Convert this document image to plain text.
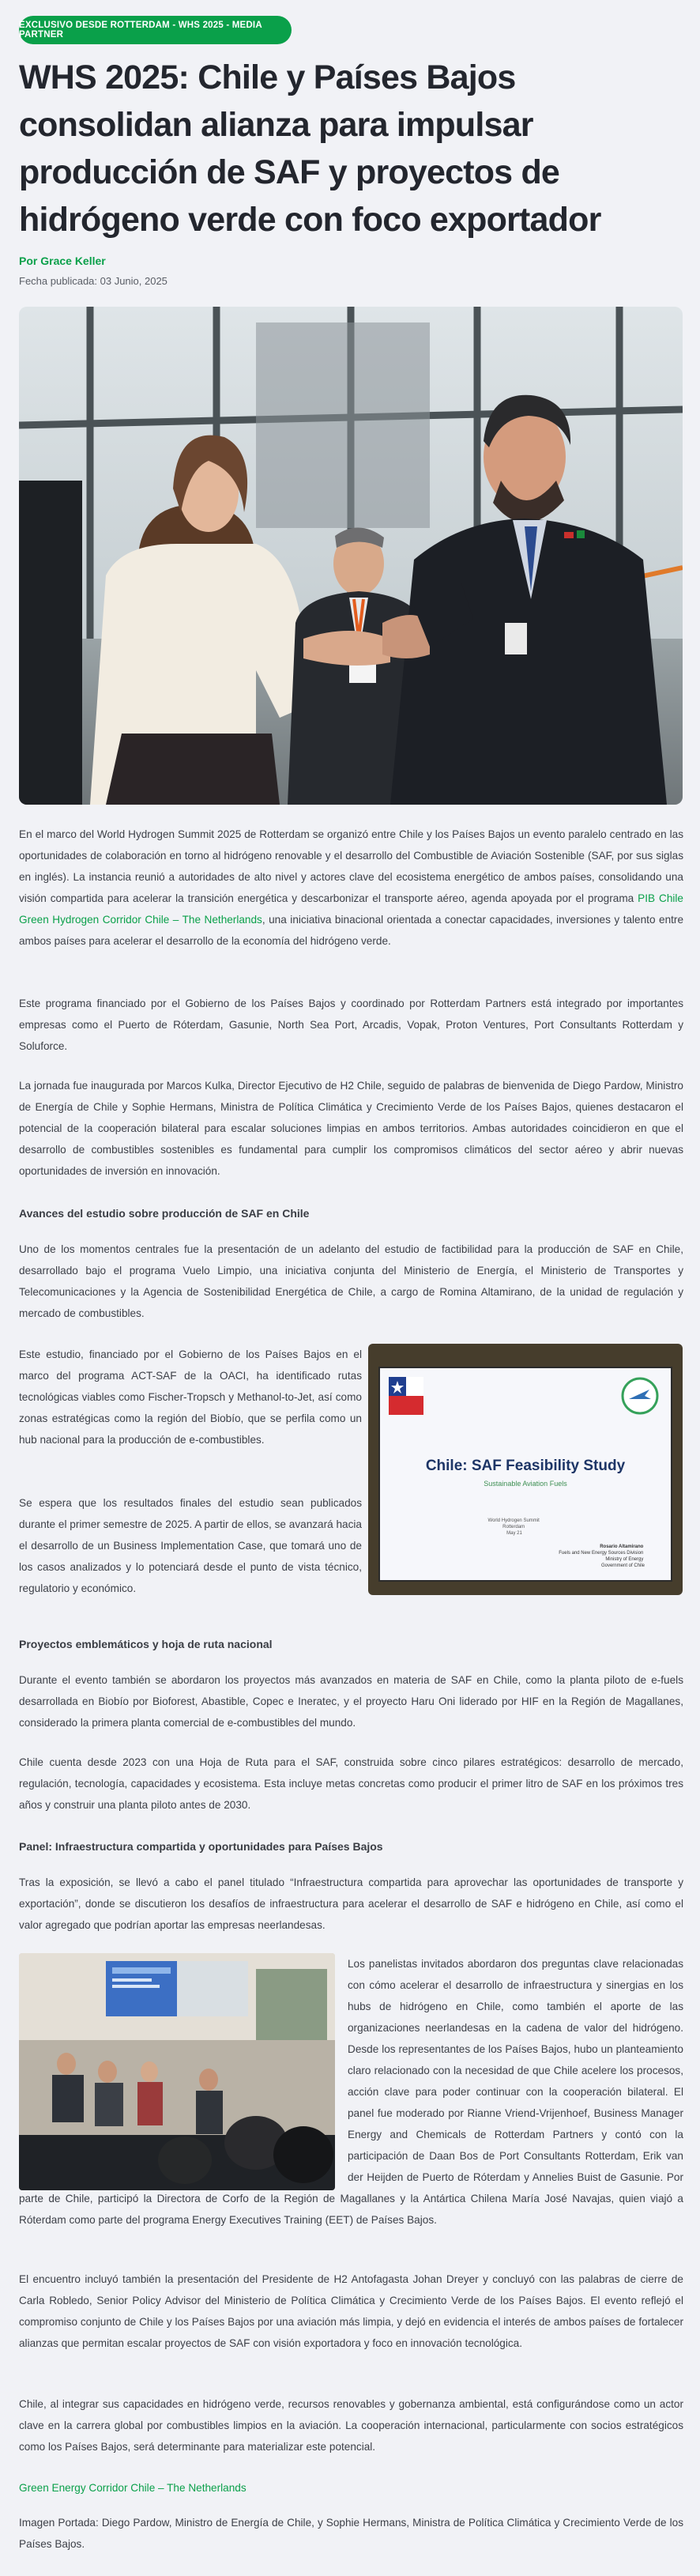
EXCLUSIVO DESDE ROTTERDAM - WHS 2025 - MEDIA PARTNER
WHS 2025: Chile y Países Bajos consolidan alianza para impulsar producción de SAF y proyectos de hidrógeno verde con foco exportador
Por Grace Keller
Fecha publicada: 03 Junio, 2025

En el marco del World Hydrogen Summit 2025 de Rotterdam se organizó entre Chile y los Países Bajos un evento paralelo centrado en las oportunidades de colaboración en torno al hidrógeno renovable y el desarrollo del Combustible de Aviación Sostenible (SAF, por sus siglas en inglés). La instancia reunió a autoridades de alto nivel y actores clave del ecosistema energético de ambos países, consolidando una visión compartida para acelerar la transición energética y descarbonizar el transporte aéreo, agenda apoyada por el programa PIB Chile Green Hydrogen Corridor Chile – The Netherlands, una iniciativa binacional orientada a conectar capacidades, inversiones y talento entre ambos países para acelerar el desarrollo de la economía del hidrógeno verde.

Este programa financiado por el Gobierno de los Países Bajos y coordinado por Rotterdam Partners está integrado por importantes empresas como el Puerto de Róterdam, Gasunie, North Sea Port, Arcadis, Vopak, Proton Ventures, Port Consultants Rotterdam y Soluforce.

La jornada fue inaugurada por Marcos Kulka, Director Ejecutivo de H2 Chile, seguido de palabras de bienvenida de Diego Pardow, Ministro de Energía de Chile y Sophie Hermans, Ministra de Política Climática y Crecimiento Verde de los Países Bajos, quienes destacaron el potencial de la cooperación bilateral para escalar soluciones limpias en ambos territorios. Ambas autoridades coincidieron en que el desarrollo de combustibles sostenibles es fundamental para cumplir los compromisos climáticos del sector aéreo y abrir nuevas oportunidades de inversión en innovación.

Avances del estudio sobre producción de SAF en Chile

Uno de los momentos centrales fue la presentación de un adelanto del estudio de factibilidad para la producción de SAF en Chile, desarrollado bajo el programa Vuelo Limpio, una iniciativa conjunta del Ministerio de Energía, el Ministerio de Transportes y Telecomunicaciones y la Agencia de Sostenibilidad Energética de Chile, a cargo de Romina Altamirano, de la unidad de regulación y mercado de combustibles.

Este estudio, financiado por el Gobierno de los Países Bajos en el marco del programa ACT-SAF de la OACI, ha identificado rutas tecnológicas viables como Fischer-Tropsch y Methanol-to-Jet, así como zonas estratégicas como la región del Biobío, que se perfila como un hub nacional para la producción de e-combustibles.

Se espera que los resultados finales del estudio sean publicados durante el primer semestre de 2025. A partir de ellos, se avanzará hacia el desarrollo de un Business Implementation Case, que tomará uno de los casos analizados y lo potenciará desde el punto de vista técnico, regulatorio y económico.

Chile: SAF Feasibility Study
Sustainable Aviation Fuels
World Hydrogen Summit Rotterdam May 21
Rosario Altamirano Fuels and New Energy Sources Division Ministry of Energy Government of Chile
Proyectos emblemáticos y hoja de ruta nacional

Durante el evento también se abordaron los proyectos más avanzados en materia de SAF en Chile, como la planta piloto de e-fuels desarrollada en Biobío por Bioforest, Abastible, Copec e Ineratec, y el proyecto Haru Oni liderado por HIF en la Región de Magallanes, considerado la primera planta comercial de e-combustibles del mundo.

Chile cuenta desde 2023 con una Hoja de Ruta para el SAF, construida sobre cinco pilares estratégicos: desarrollo de mercado, regulación, tecnología, capacidades y ecosistema. Esta incluye metas concretas como producir el primer litro de SAF en los próximos tres años y construir una planta piloto antes de 2030.

Panel: Infraestructura compartida y oportunidades para Países Bajos

Tras la exposición, se llevó a cabo el panel titulado “Infraestructura compartida para aprovechar las oportunidades de transporte y exportación”, donde se discutieron los desafíos de infraestructura para acelerar el desarrollo de SAF e hidrógeno en Chile, así como el valor agregado que podrían aportar las empresas neerlandesas.

Los panelistas invitados abordaron dos preguntas clave relacionadas con cómo acelerar el desarrollo de infraestructura y sinergias en los hubs de hidrógeno en Chile, como también el aporte de las organizaciones neerlandesas en la cadena de valor del hidrógeno. Desde los representantes de los Países Bajos, hubo un planteamiento claro relacionado con la necesidad de que Chile acelere los procesos, acción clave para poder continuar con la cooperación bilateral. El panel fue moderado por Rianne Vriend-Vrijenhoef, Business Manager Energy and Chemicals de Rotterdam Partners y contó con la participación de Daan Bos de Port Consultants Rotterdam, Erik van der Heijden de Puerto de Róterdam y Annelies Buist de Gasunie. Por parte de Chile, participó la Directora de Corfo de la Región de Magallanes y la Antártica Chilena María José Navajas, quien viajó a Róterdam como parte del programa Energy Executives Training (EET) de Países Bajos.

El encuentro incluyó también la presentación del Presidente de H2 Antofagasta Johan Dreyer y concluyó con las palabras de cierre de Carla Robledo, Senior Policy Advisor del Ministerio de Política Climática y Crecimiento Verde de los Países Bajos. El evento reflejó el compromiso conjunto de Chile y los Países Bajos por una aviación más limpia, y dejó en evidencia el interés de ambos países de fortalecer alianzas que permitan escalar proyectos de SAF con visión exportadora y foco en innovación tecnológica.

Chile, al integrar sus capacidades en hidrógeno verde, recursos renovables y gobernanza ambiental, está configurándose como un actor clave en la carrera global por combustibles limpios en la aviación. La cooperación internacional, particularmente con socios estratégicos como los Países Bajos, será determinante para materializar este potencial.

Green Energy Corridor Chile – The Netherlands

Imagen Portada: Diego Pardow, Ministro de Energía de Chile, y Sophie Hermans, Ministra de Política Climática y Crecimiento Verde de los Países Bajos.
